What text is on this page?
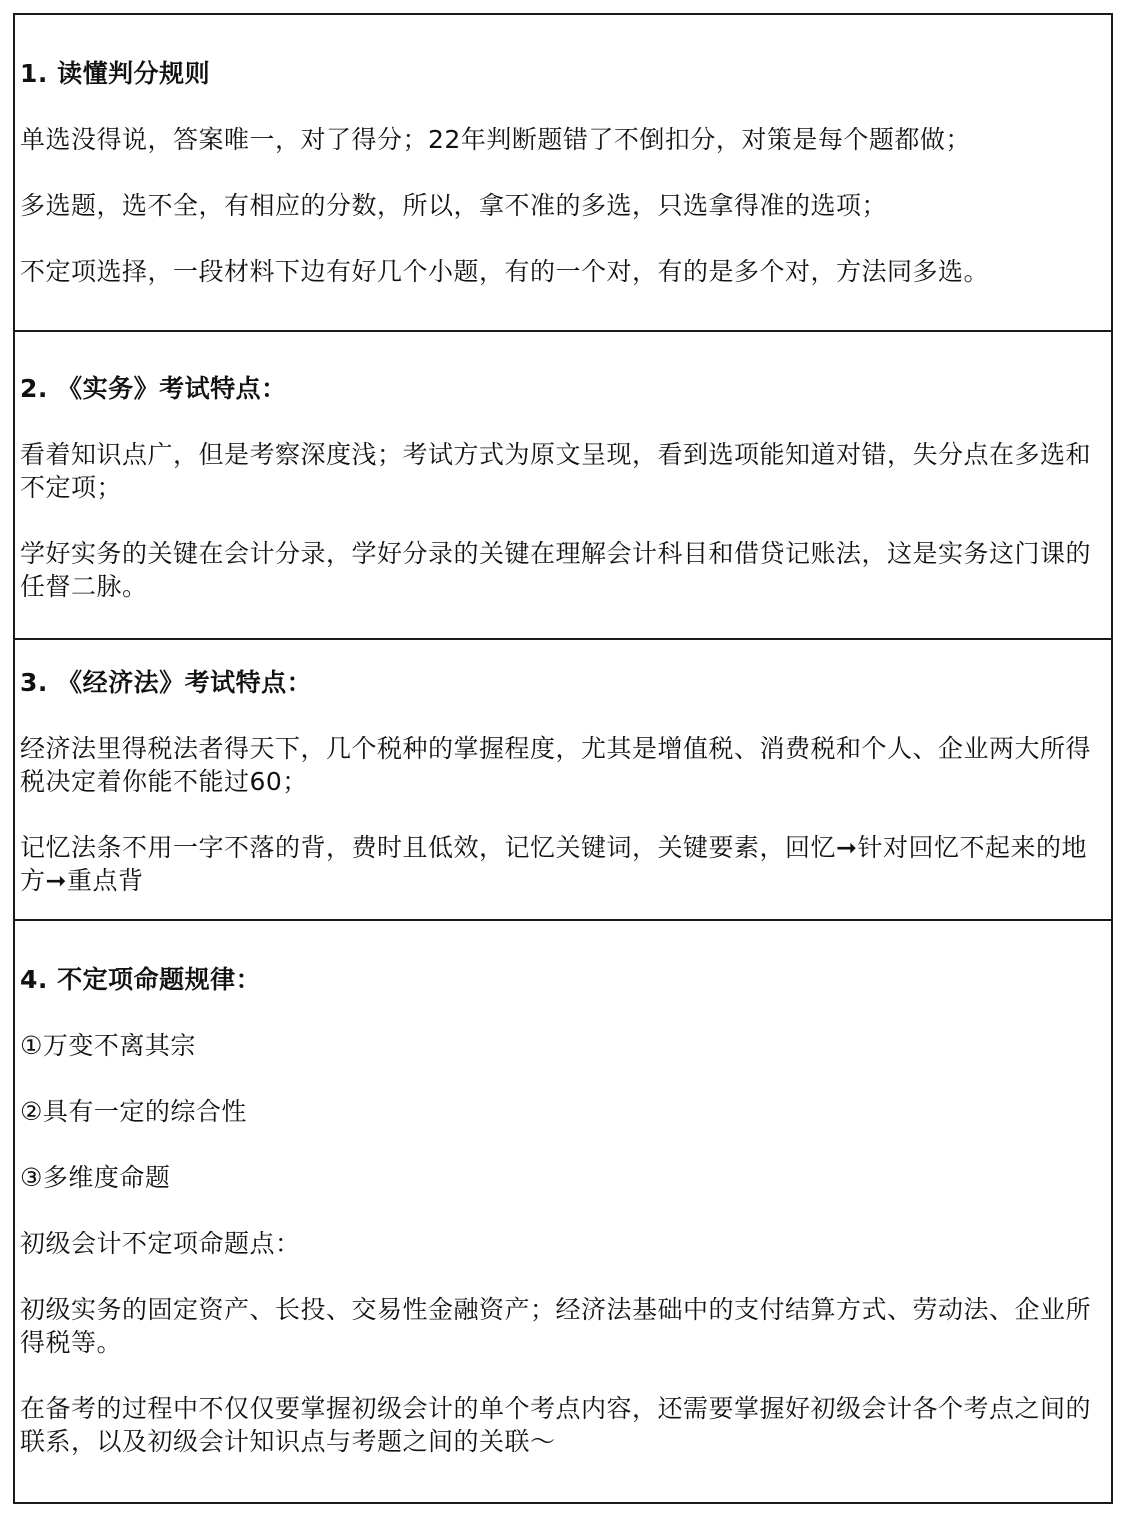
1. 读懂判分规则

单选没得说，答案唯一，对了得分；22年判断题错了不倒扣分，对策是每个题都做；

多选题，选不全，有相应的分数，所以，拿不准的多选，只选拿得准的选项；

不定项选择，一段材料下边有好几个小题，有的一个对，有的是多个对，方法同多选。

2. 《实务》考试特点：

看着知识点广，但是考察深度浅；考试方式为原文呈现，看到选项能知道对错，失分点在多选和不定项；

学好实务的关键在会计分录，学好分录的关键在理解会计科目和借贷记账法，这是实务这门课的任督二脉。

3. 《经济法》考试特点：

经济法里得税法者得天下，几个税种的掌握程度，尤其是增值税、消费税和个人、企业两大所得税决定着你能不能过60；

记忆法条不用一字不落的背，费时且低效，记忆关键词，关键要素，回忆➞针对回忆不起来的地方➞重点背

4. 不定项命题规律：

①万变不离其宗

②具有一定的综合性

③多维度命题

初级会计不定项命题点：

初级实务的固定资产、长投、交易性金融资产；经济法基础中的支付结算方式、劳动法、企业所得税等。

在备考的过程中不仅仅要掌握初级会计的单个考点内容，还需要掌握好初级会计各个考点之间的联系，以及初级会计知识点与考题之间的关联～
